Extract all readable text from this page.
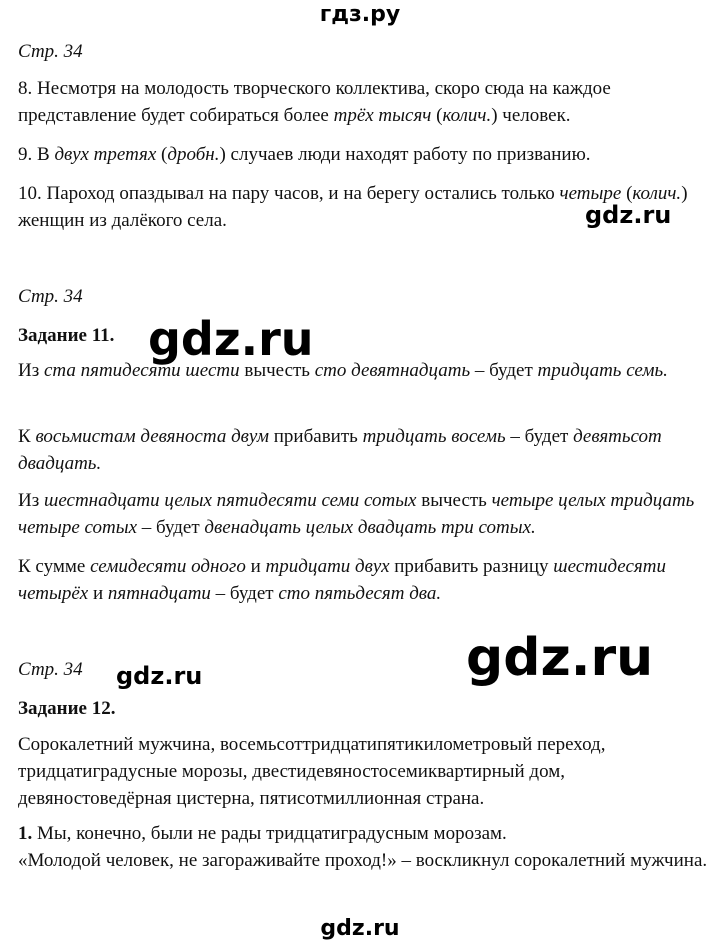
гдз.ру
Стр. 34

8. Несмотря на молодость творческого коллектива, скоро сюда на каждое представление будет собираться более трёх тысяч (колич.) человек.

9. В двух третях (дробн.) случаев люди находят работу по призванию.

10. Пароход опаздывал на пару часов, и на берегу остались только четыре (колич.) женщин из далёкого села.	gdz.ru
Стр. 34
Задание 11. gdz.ru

Из ста пятидесяти шести вычесть сто девятнадцать – будет тридцать семь.

К восьмистам девяноста двум прибавить тридцать восемь – будет девятьсот двадцать.

Из шестнадцати целых пятидесяти семи сотых вычесть четыре целых тридцать четыре сотых – будет двенадцать целых двадцать три сотых.

К сумме семидесяти одного и тридцати двух прибавить разницу шестидесяти четырёх и пятнадцати – будет сто пятьдесят два.

gdz.ru
Стр. 34 gdz.ru
Задание 12.

Сорокалетний мужчина, восемьсоттридцатипятикилометровый переход, тридцатиградусные морозы, двестидевяностосемиквартирный дом, девяностоведёрная цистерна, пятисотмиллионная страна.

1. Мы, конечно, были не рады тридцатиградусным морозам.
«Молодой человек, не загораживайте проход!» – воскликнул сорокалетний мужчина.

gdz.ru
